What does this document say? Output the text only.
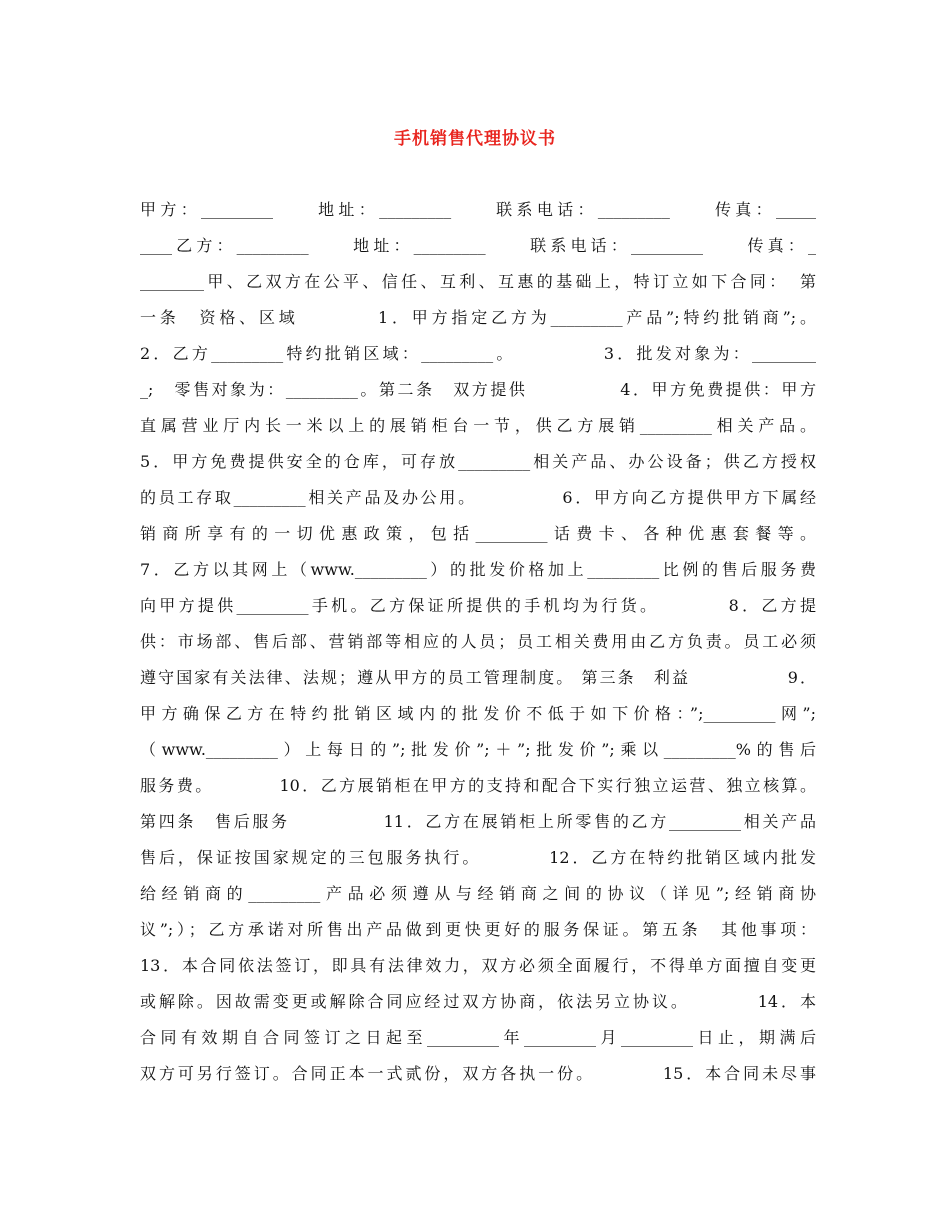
手机销售代理协议书
甲方：_________　　地址：_________　　联系电话：_________　　传真：_____
____乙方：_________　　地址：_________　　联系电话：_________　　传真：_
________甲、乙双方在公平、信任、互利、互惠的基础上，特订立如下合同：　第
一条　资格、区域　　　　1．甲方指定乙方为_________产品”;特约批销商”;。
2．乙方_________特约批销区域：_________。　　　　　3．批发对象为：________
_;　零售对象为：_________。第二条　双方提供　　　　　4．甲方免费提供：甲方
直属营业厅内长一米以上的展销柜台一节，供乙方展销_________相关产品。
5．甲方免费提供安全的仓库，可存放_________相关产品、办公设备；供乙方授权
的员工存取_________相关产品及办公用。　　　　　6．甲方向乙方提供甲方下属经
销商所享有的一切优惠政策，包括_________话费卡、各种优惠套餐等。
7．乙方以其网上（www._________）的批发价格加上_________比例的售后服务费
向甲方提供_________手机。乙方保证所提供的手机均为行货。　　　　8．乙方提
供：市场部、售后部、营销部等相应的人员；员工相关费用由乙方负责。员工必须
遵守国家有关法律、法规；遵从甲方的员工管理制度。 第三条　利益　　　　　 9．
甲方确保乙方在特约批销区域内的批发价不低于如下价格：”;_________网”;
（www._________）上每日的”;批发价”;＋”;批发价”;乘以_________%的售后
服务费。　　　　10．乙方展销柜在甲方的支持和配合下实行独立运营、独立核算。
第四条　售后服务　　　　　11．乙方在展销柜上所零售的乙方_________相关产品
售后，保证按国家规定的三包服务执行。　　　　12．乙方在特约批销区域内批发
给经销商的_________产品必须遵从与经销商之间的协议（详见”;经销商协
议”;）；乙方承诺对所售出产品做到更快更好的服务保证。第五条　其他事项：
13．本合同依法签订，即具有法律效力，双方必须全面履行，不得单方面擅自变更
或解除。因故需变更或解除合同应经过双方协商，依法另立协议。　　　　14．本
合同有效期自合同签订之日起至_________年_________月_________日止，期满后
双方可另行签订。合同正本一式贰份，双方各执一份。　　　　15．本合同未尽事
